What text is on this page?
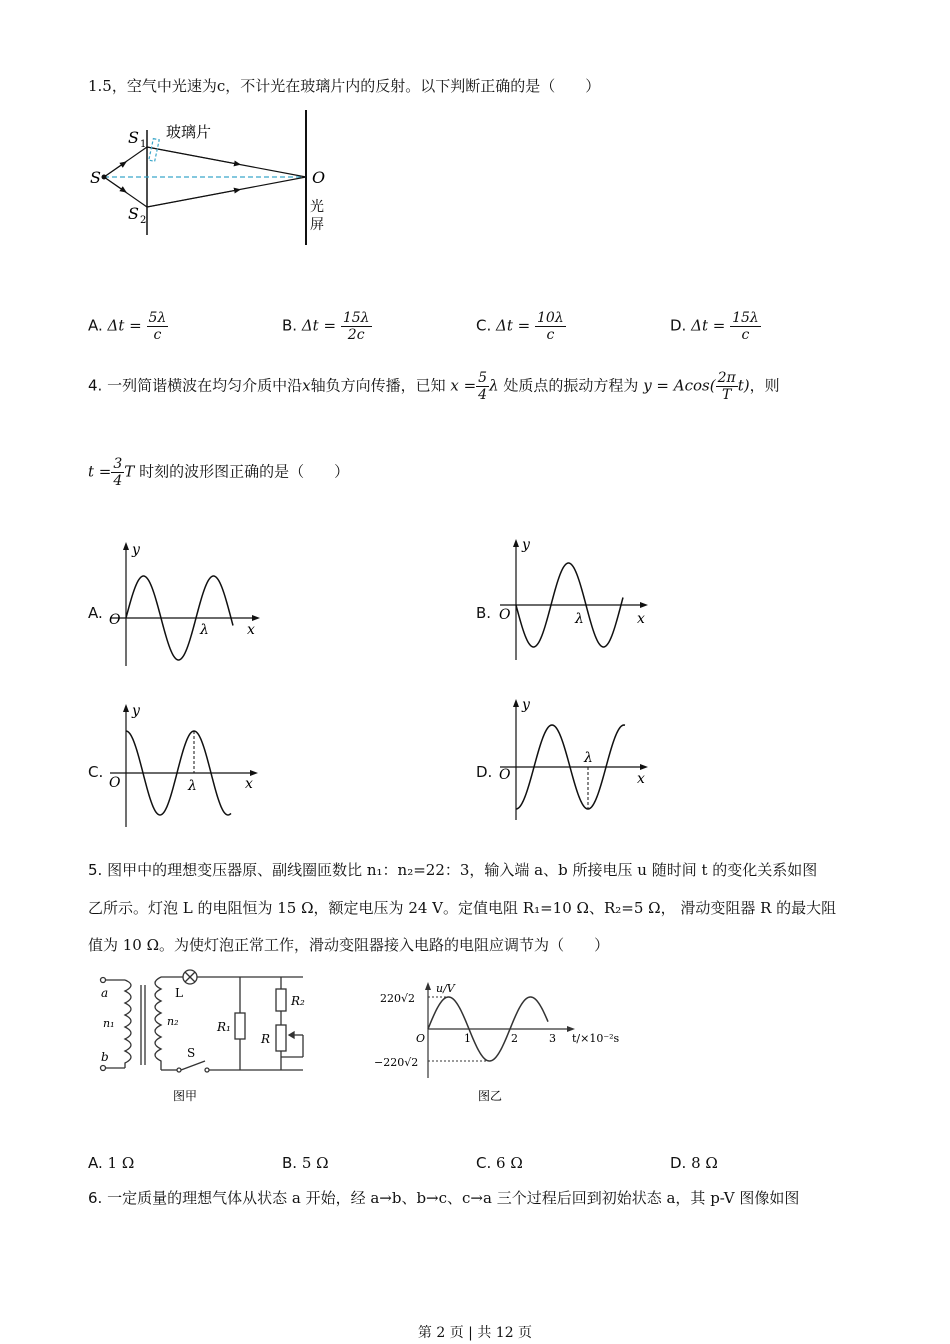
1.5，空气中光速为c，不计光在玻璃片内的反射。以下判断正确的是（　　）
S
S 1
S 2
玻璃片
O
光
屏
A. $\Delta t = \frac{5\lambda}{c}$	B. $\Delta t = \frac{15\lambda}{2c}$	C. $\Delta t = \frac{10\lambda}{c}$	D. $\Delta t = \frac{15\lambda}{c}$
4. 一列简谐横波在均匀介质中沿x轴负方向传播，已知 $x = \frac{5}{4}$ λ 处质点的振动方程为 $y = Acos( \frac{2\pi}{T} t)$，则
$t = \frac{3}{4}$ T 时刻的波形图正确的是（　　）
A.	B.
C.	D.
y
O
x
λ
y
O	x
λ
y
O	x
λ
y
O	x
λ
5. 图甲中的理想变压器原、副线圈匝数比 n₁：n₂=22：3，输入端 a、b 所接电压 u 随时间 t 的变化关系如图
乙所示。灯泡 L 的电阻恒为 15 Ω，额定电压为 24 V。定值电阻 R₁=10 Ω、R₂=5 Ω， 滑动变阻器 R 的最大阻
值为 10 Ω。为使灯泡正常工作，滑动变阻器接入电路的电阻应调节为（　　）
a
b
n₁	n₂
L
S
R₁
R₂
R
图甲
u/V
220√2
−220√2
O	1	2	3 t/×10⁻²s
图乙
A. 1 Ω	B. 5 Ω	C. 6 Ω	D. 8 Ω
6. 一定质量的理想气体从状态 a 开始，经 a→b、b→c、c→a 三个过程后回到初始状态 a，其 p-V 图像如图
第 2 页 | 共 12 页
